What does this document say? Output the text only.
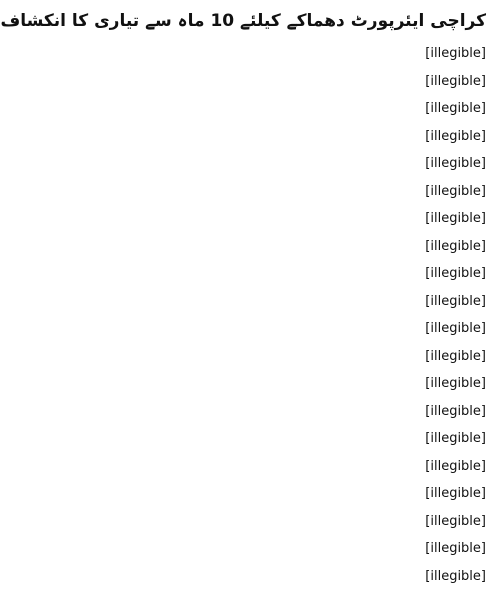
کراچی ایئرپورٹ دھماکے کیلئے 10 ماہ سے تیاری کا انکشاف
[illegible]
[illegible]
[illegible]
[illegible]
[illegible]
[illegible]
[illegible]
[illegible]
[illegible]
[illegible]
[illegible]
[illegible]
[illegible]
[illegible]
[illegible]
[illegible]
[illegible]
[illegible]
[illegible]
[illegible]
